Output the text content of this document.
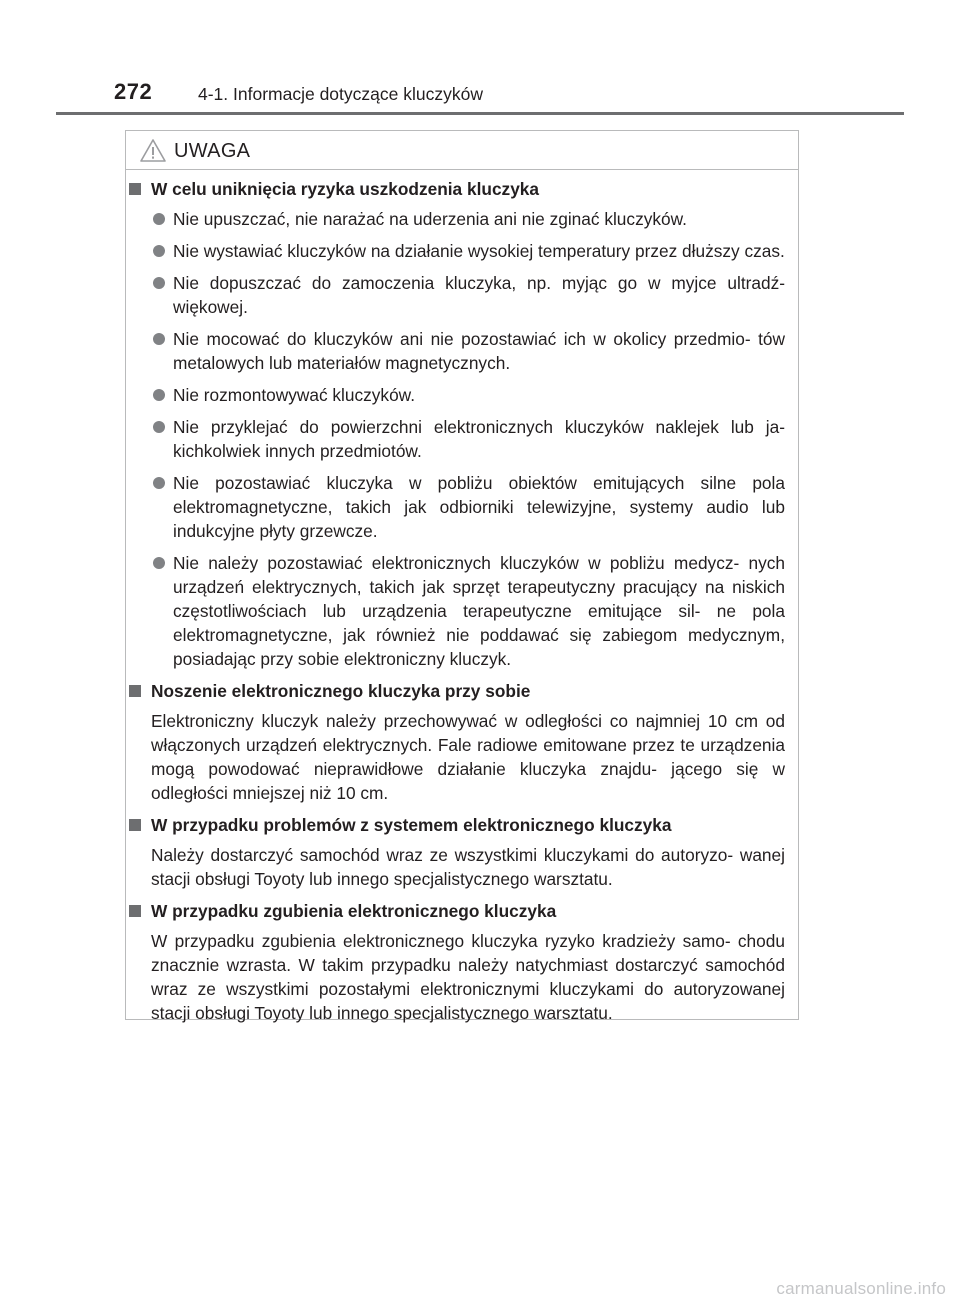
272	4-1. Informacje dotyczące kluczyków
UWAGA
W celu uniknięcia ryzyka uszkodzenia kluczyka
Nie upuszczać, nie narażać na uderzenia ani nie zginać kluczyków.
Nie wystawiać kluczyków na działanie wysokiej temperatury przez dłuższy czas.
Nie dopuszczać do zamoczenia kluczyka, np. myjąc go w myjce ultradź- więkowej.
Nie mocować do kluczyków ani nie pozostawiać ich w okolicy przedmio- tów metalowych lub materiałów magnetycznych.
Nie rozmontowywać kluczyków.
Nie przyklejać do powierzchni elektronicznych kluczyków naklejek lub ja- kichkolwiek innych przedmiotów.
Nie pozostawiać kluczyka w pobliżu obiektów emitujących silne pola elektromagnetyczne, takich jak odbiorniki telewizyjne, systemy audio lub indukcyjne płyty grzewcze.
Nie należy pozostawiać elektronicznych kluczyków w pobliżu medycz- nych urządzeń elektrycznych, takich jak sprzęt terapeutyczny pracujący na niskich częstotliwościach lub urządzenia terapeutyczne emitujące sil- ne pola elektromagnetyczne, jak również nie poddawać się zabiegom medycznym, posiadając przy sobie elektroniczny kluczyk.
Noszenie elektronicznego kluczyka przy sobie
Elektroniczny kluczyk należy przechowywać w odległości co najmniej 10 cm od włączonych urządzeń elektrycznych. Fale radiowe emitowane przez te urządzenia mogą powodować nieprawidłowe działanie kluczyka znajdu- jącego się w odległości mniejszej niż 10 cm.
W przypadku problemów z systemem elektronicznego kluczyka
Należy dostarczyć samochód wraz ze wszystkimi kluczykami do autoryzo- wanej stacji obsługi Toyoty lub innego specjalistycznego warsztatu.
W przypadku zgubienia elektronicznego kluczyka
W przypadku zgubienia elektronicznego kluczyka ryzyko kradzieży samo- chodu znacznie wzrasta. W takim przypadku należy natychmiast dostarczyć samochód wraz ze wszystkimi pozostałymi elektronicznymi kluczykami do autoryzowanej stacji obsługi Toyoty lub innego specjalistycznego warsztatu.
carmanualsonline.info
